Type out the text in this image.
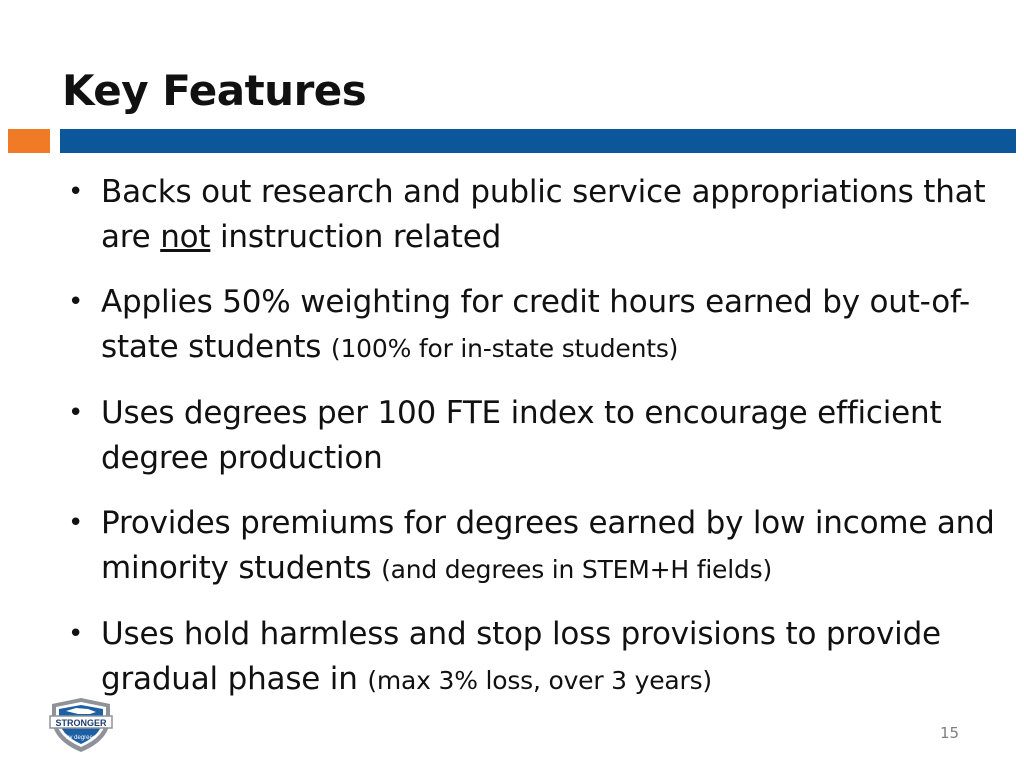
Key Features
• Backs out research and public service appropriations that are not instruction related
• Applies 50% weighting for credit hours earned by out-of-state students (100% for in-state students)
• Uses degrees per 100 FTE index to encourage efficient degree production
• Provides premiums for degrees earned by low income and minority students (and degrees in STEM+H fields)
• Uses hold harmless and stop loss provisions to provide gradual phase in (max 3% loss, over 3 years)
STRONGER
by degrees	15
